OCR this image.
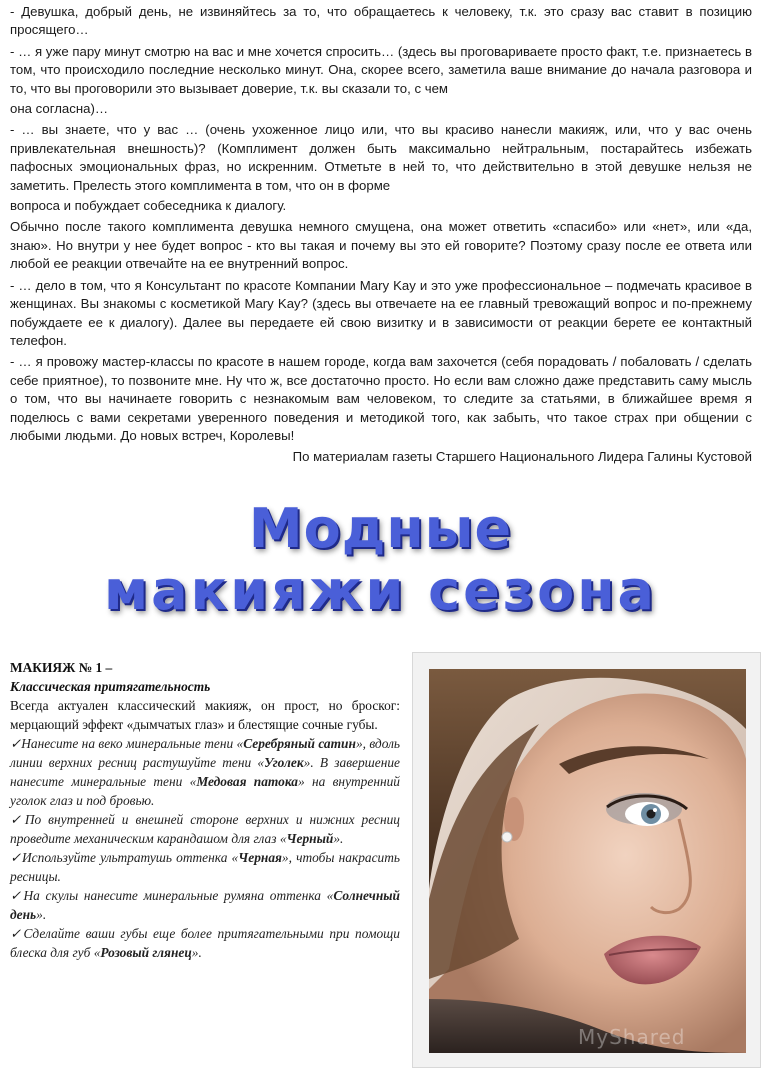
- Девушка, добрый день, не извиняйтесь за то, что обращаетесь к человеку, т.к. это сразу вас ставит в позицию просящего…

- … я уже пару минут смотрю на вас и мне хочется спросить… (здесь вы проговариваете просто факт, т.е. признаетесь в том, что происходило последние несколько минут. Она, скорее всего, заметила ваше внимание до начала разговора и то, что вы проговорили это вызывает доверие, т.к. вы сказали то, с чем

она согласна)…

- … вы знаете, что у вас … (очень ухоженное лицо или, что вы красиво нанесли макияж, или, что у вас очень привлекательная внешность)? (Комплимент должен быть максимально нейтральным, постарайтесь избежать пафосных эмоциональных фраз, но искренним. Отметьте в ней то, что действительно в этой девушке нельзя не заметить. Прелесть этого комплимента в том, что он в форме

вопроса и побуждает собеседника к диалогу.

Обычно после такого комплимента девушка немного смущена, она может ответить «спасибо» или «нет», или «да, знаю». Но внутри у нее будет вопрос - кто вы такая и почему вы это ей говорите? Поэтому сразу после ее ответа или любой ее реакции отвечайте на ее внутренний вопрос.

- … дело в том, что я Консультант по красоте Компании Mary Kay и это уже профессиональное – подмечать красивое в женщинах. Вы знакомы с косметикой Mary Kay? (здесь вы отвечаете на ее главный тревожащий вопрос и по-прежнему побуждаете ее к диалогу). Далее вы передаете ей свою визитку и в зависимости от реакции берете ее контактный телефон.

- … я провожу мастер-классы по красоте в нашем городе, когда вам захочется (себя порадовать / побаловать / сделать себе приятное), то позвоните мне. Ну что ж, все достаточно просто. Но если вам сложно даже представить саму мысль о том, что вы начинаете говорить с незнакомым вам человеком, то следите за статьями, в ближайшее время я поделюсь с вами секретами уверенного поведения и методикой того, как забыть, что такое страх при общении с любыми людьми. До новых встреч, Королевы!

По материалам газеты Старшего Национального Лидера Галины Кустовой

Модные
макияжи сезона
МАКИЯЖ № 1 –
Классическая притягательность
Всегда актуален классический макияж, он прост, но броског: мерцающий эффект «дымчатых глаз» и блестящие сочные губы.
✓Нанесите на веко минеральные тени «Серебряный сатин», вдоль линии верхних ресниц растушуйте тени «Уголек». В завершение нанесите минеральные тени «Медовая патока» на внутренний уголок глаз и под бровью.
✓По внутренней и внешней стороне верхних и нижних ресниц проведите механическим карандашом для глаз «Черный».
✓Используйте ультратушь оттенка «Черная», чтобы накрасить ресницы.
✓На скулы нанесите минеральные румяна оттенка «Солнечный день».
✓Сделайте ваши губы еще более притягательными при помощи блеска для губ «Розовый глянец».
MyShared
